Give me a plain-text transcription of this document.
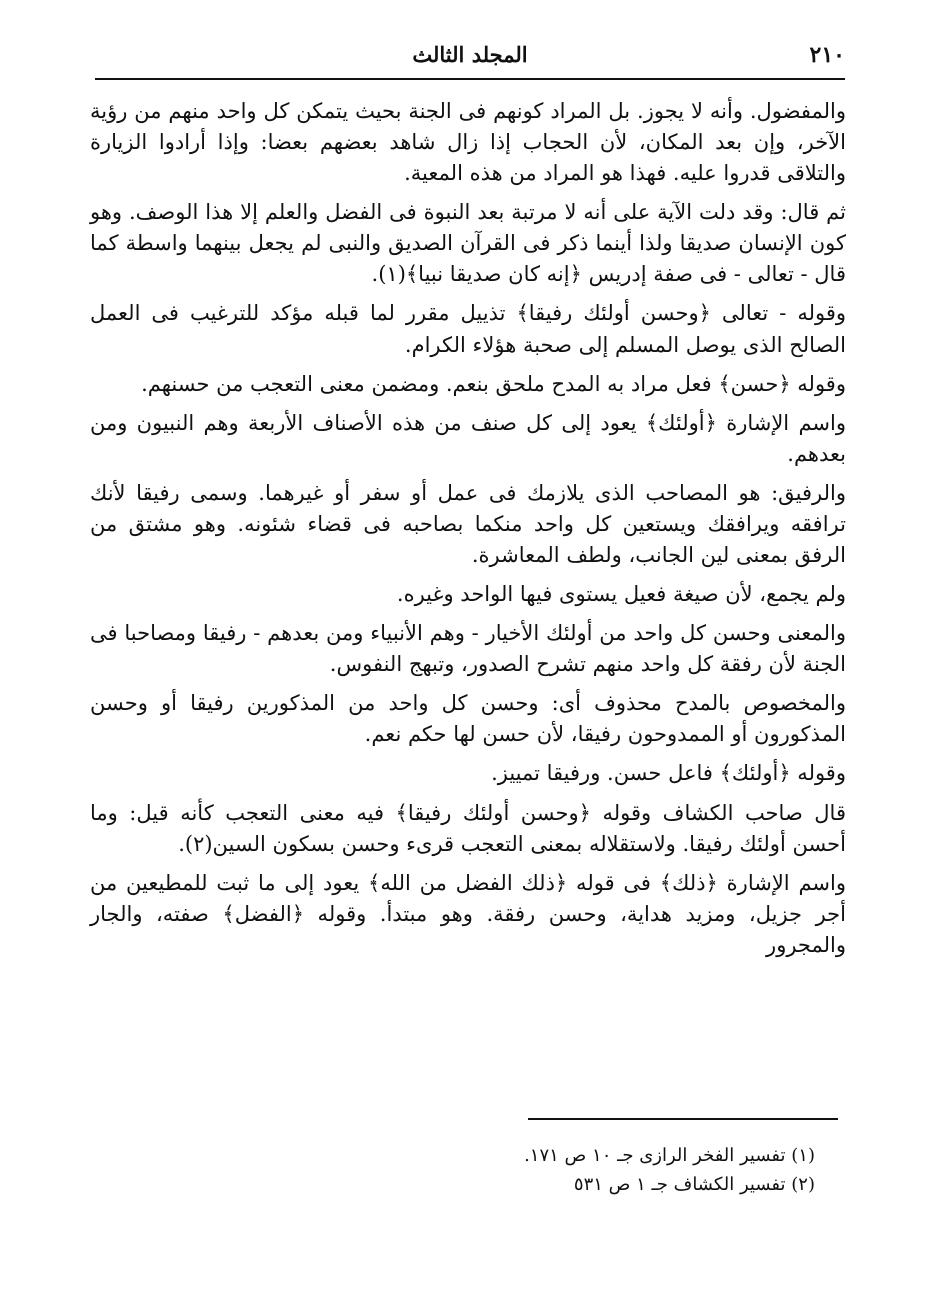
٢١٠
المجلد الثالث

والمفضول. وأنه لا يجوز. بل المراد كونهم فى الجنة بحيث يتمكن كل واحد منهم من رؤية الآخر، وإن بعد المكان، لأن الحجاب إذا زال شاهد بعضهم بعضا: وإذا أرادوا الزيارة والتلاقى قدروا عليه. فهذا هو المراد من هذه المعية.

ثم قال: وقد دلت الآية على أنه لا مرتبة بعد النبوة فى الفضل والعلم إلا هذا الوصف. وهو كون الإنسان صديقا ولذا أينما ذكر فى القرآن الصديق والنبى لم يجعل بينهما واسطة كما قال - تعالى - فى صفة إدريس ﴿إنه كان صديقا نبيا﴾(١).

وقوله - تعالى ﴿وحسن أولئك رفيقا﴾ تذييل مقرر لما قبله مؤكد للترغيب فى العمل الصالح الذى يوصل المسلم إلى صحبة هؤلاء الكرام.

وقوله ﴿حسن﴾ فعل مراد به المدح ملحق بنعم. ومضمن معنى التعجب من حسنهم.

واسم الإشارة ﴿أولئك﴾ يعود إلى كل صنف من هذه الأصناف الأربعة وهم النبيون ومن بعدهم.

والرفيق: هو المصاحب الذى يلازمك فى عمل أو سفر أو غيرهما. وسمى رفيقا لأنك ترافقه ويرافقك ويستعين كل واحد منكما بصاحبه فى قضاء شئونه. وهو مشتق من الرفق بمعنى لين الجانب، ولطف المعاشرة.

ولم يجمع، لأن صيغة فعيل يستوى فيها الواحد وغيره.

والمعنى وحسن كل واحد من أولئك الأخيار - وهم الأنبياء ومن بعدهم - رفيقا ومصاحبا فى الجنة لأن رفقة كل واحد منهم تشرح الصدور، وتبهج النفوس.

والمخصوص بالمدح محذوف أى: وحسن كل واحد من المذكورين رفيقا أو وحسن المذكورون أو الممدوحون رفيقا، لأن حسن لها حكم نعم.

وقوله ﴿أولئك﴾ فاعل حسن. ورفيقا تمييز.

قال صاحب الكشاف وقوله ﴿وحسن أولئك رفيقا﴾ فيه معنى التعجب كأنه قيل: وما أحسن أولئك رفيقا. ولاستقلاله بمعنى التعجب قرىء وحسن بسكون السين(٢).

واسم الإشارة ﴿ذلك﴾ فى قوله ﴿ذلك الفضل من الله﴾ يعود إلى ما ثبت للمطيعين من أجر جزيل، ومزيد هداية، وحسن رفقة. وهو مبتدأ. وقوله ﴿الفضل﴾ صفته، والجار والمجرور

(١) تفسير الفخر الرازى جـ ١٠ ص ١٧١.

(٢) تفسير الكشاف جـ ١ ص ٥٣١
